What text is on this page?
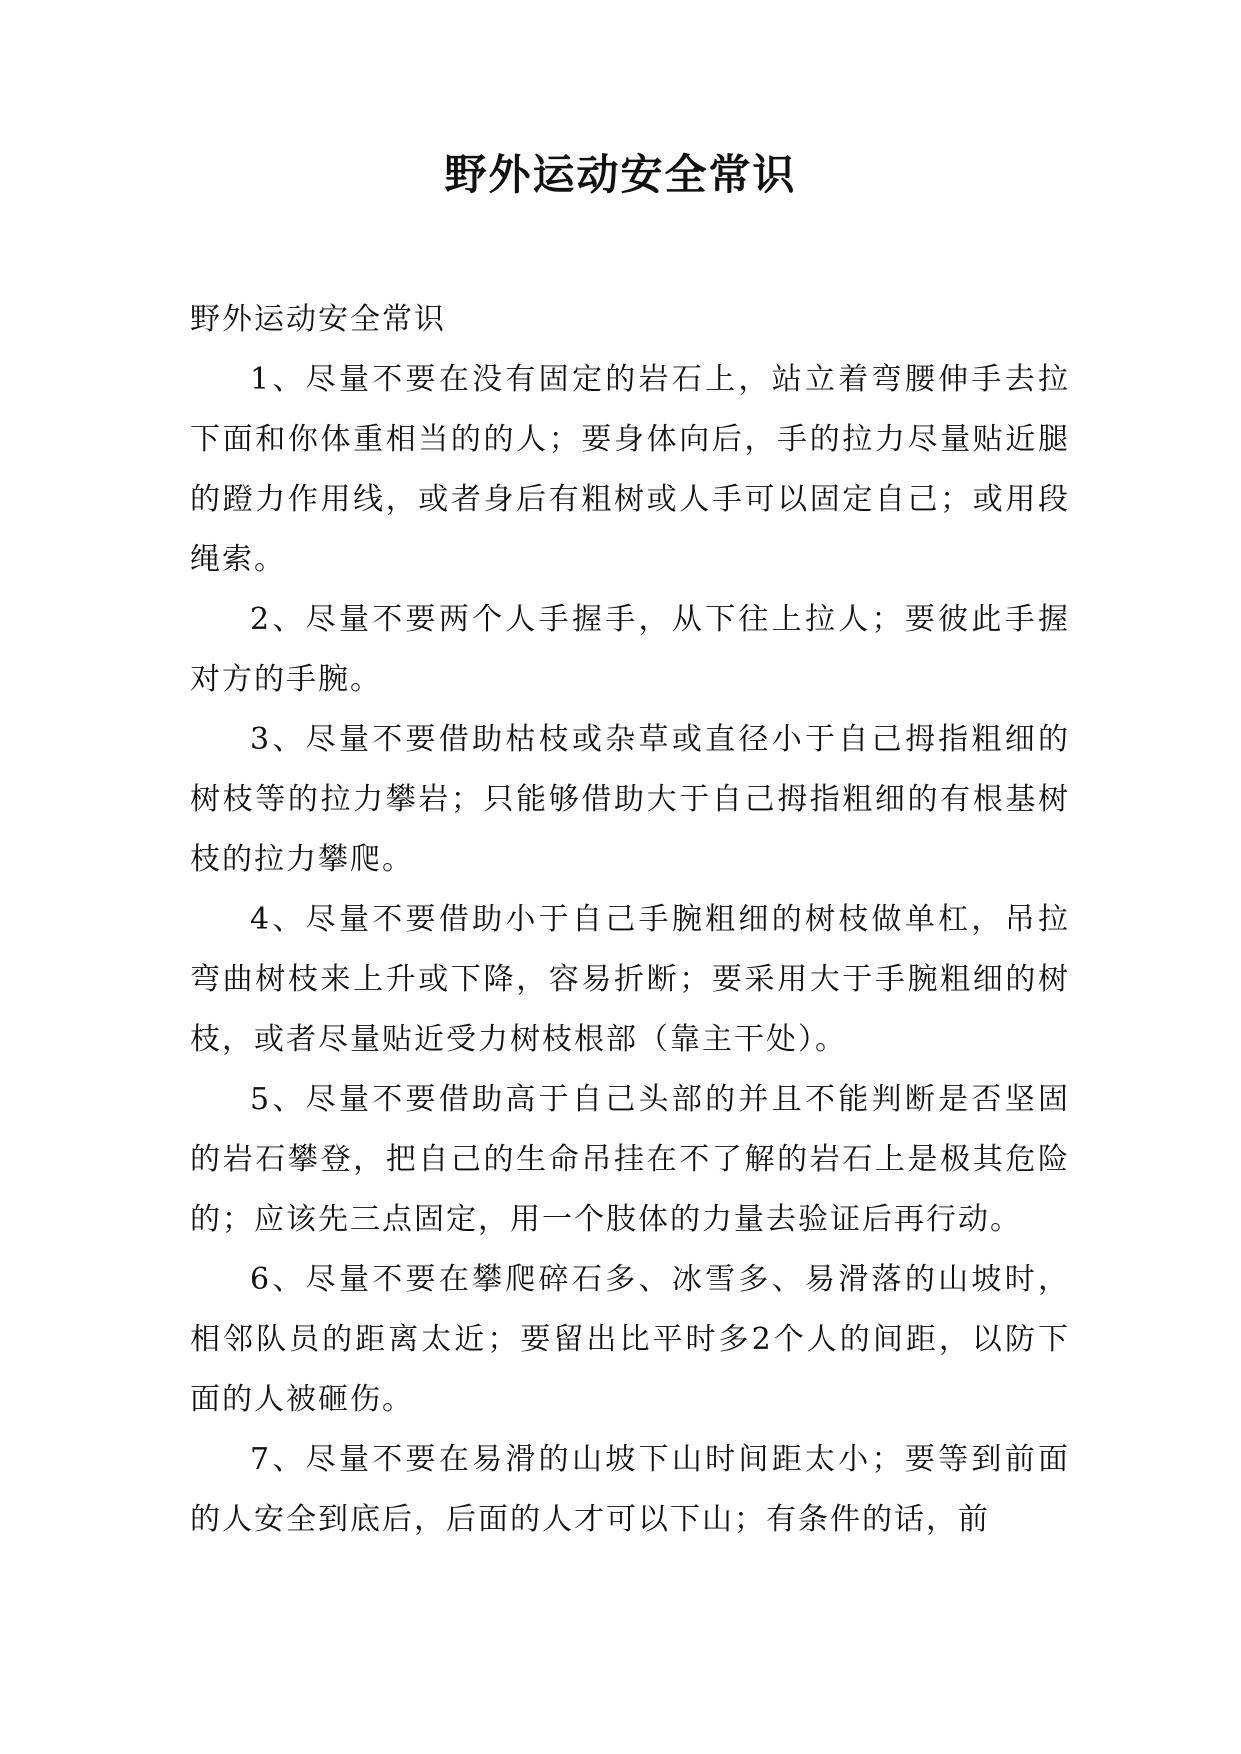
野外运动安全常识

野外运动安全常识

1、尽量不要在没有固定的岩石上，站立着弯腰伸手去拉下面和你体重相当的的人；要身体向后，手的拉力尽量贴近腿的蹬力作用线，或者身后有粗树或人手可以固定自己；或用段绳索。

2、尽量不要两个人手握手，从下往上拉人；要彼此手握对方的手腕。

3、尽量不要借助枯枝或杂草或直径小于自己拇指粗细的树枝等的拉力攀岩；只能够借助大于自己拇指粗细的有根基树枝的拉力攀爬。

4、尽量不要借助小于自己手腕粗细的树枝做单杠，吊拉弯曲树枝来上升或下降，容易折断；要采用大于手腕粗细的树枝，或者尽量贴近受力树枝根部（靠主干处）。

5、尽量不要借助高于自己头部的并且不能判断是否坚固的岩石攀登，把自己的生命吊挂在不了解的岩石上是极其危险的；应该先三点固定，用一个肢体的力量去验证后再行动。

6、尽量不要在攀爬碎石多、冰雪多、易滑落的山坡时，相邻队员的距离太近；要留出比平时多2个人的间距，以防下面的人被砸伤。

7、尽量不要在易滑的山坡下山时间距太小；要等到前面的人安全到底后，后面的人才可以下山；有条件的话，前
